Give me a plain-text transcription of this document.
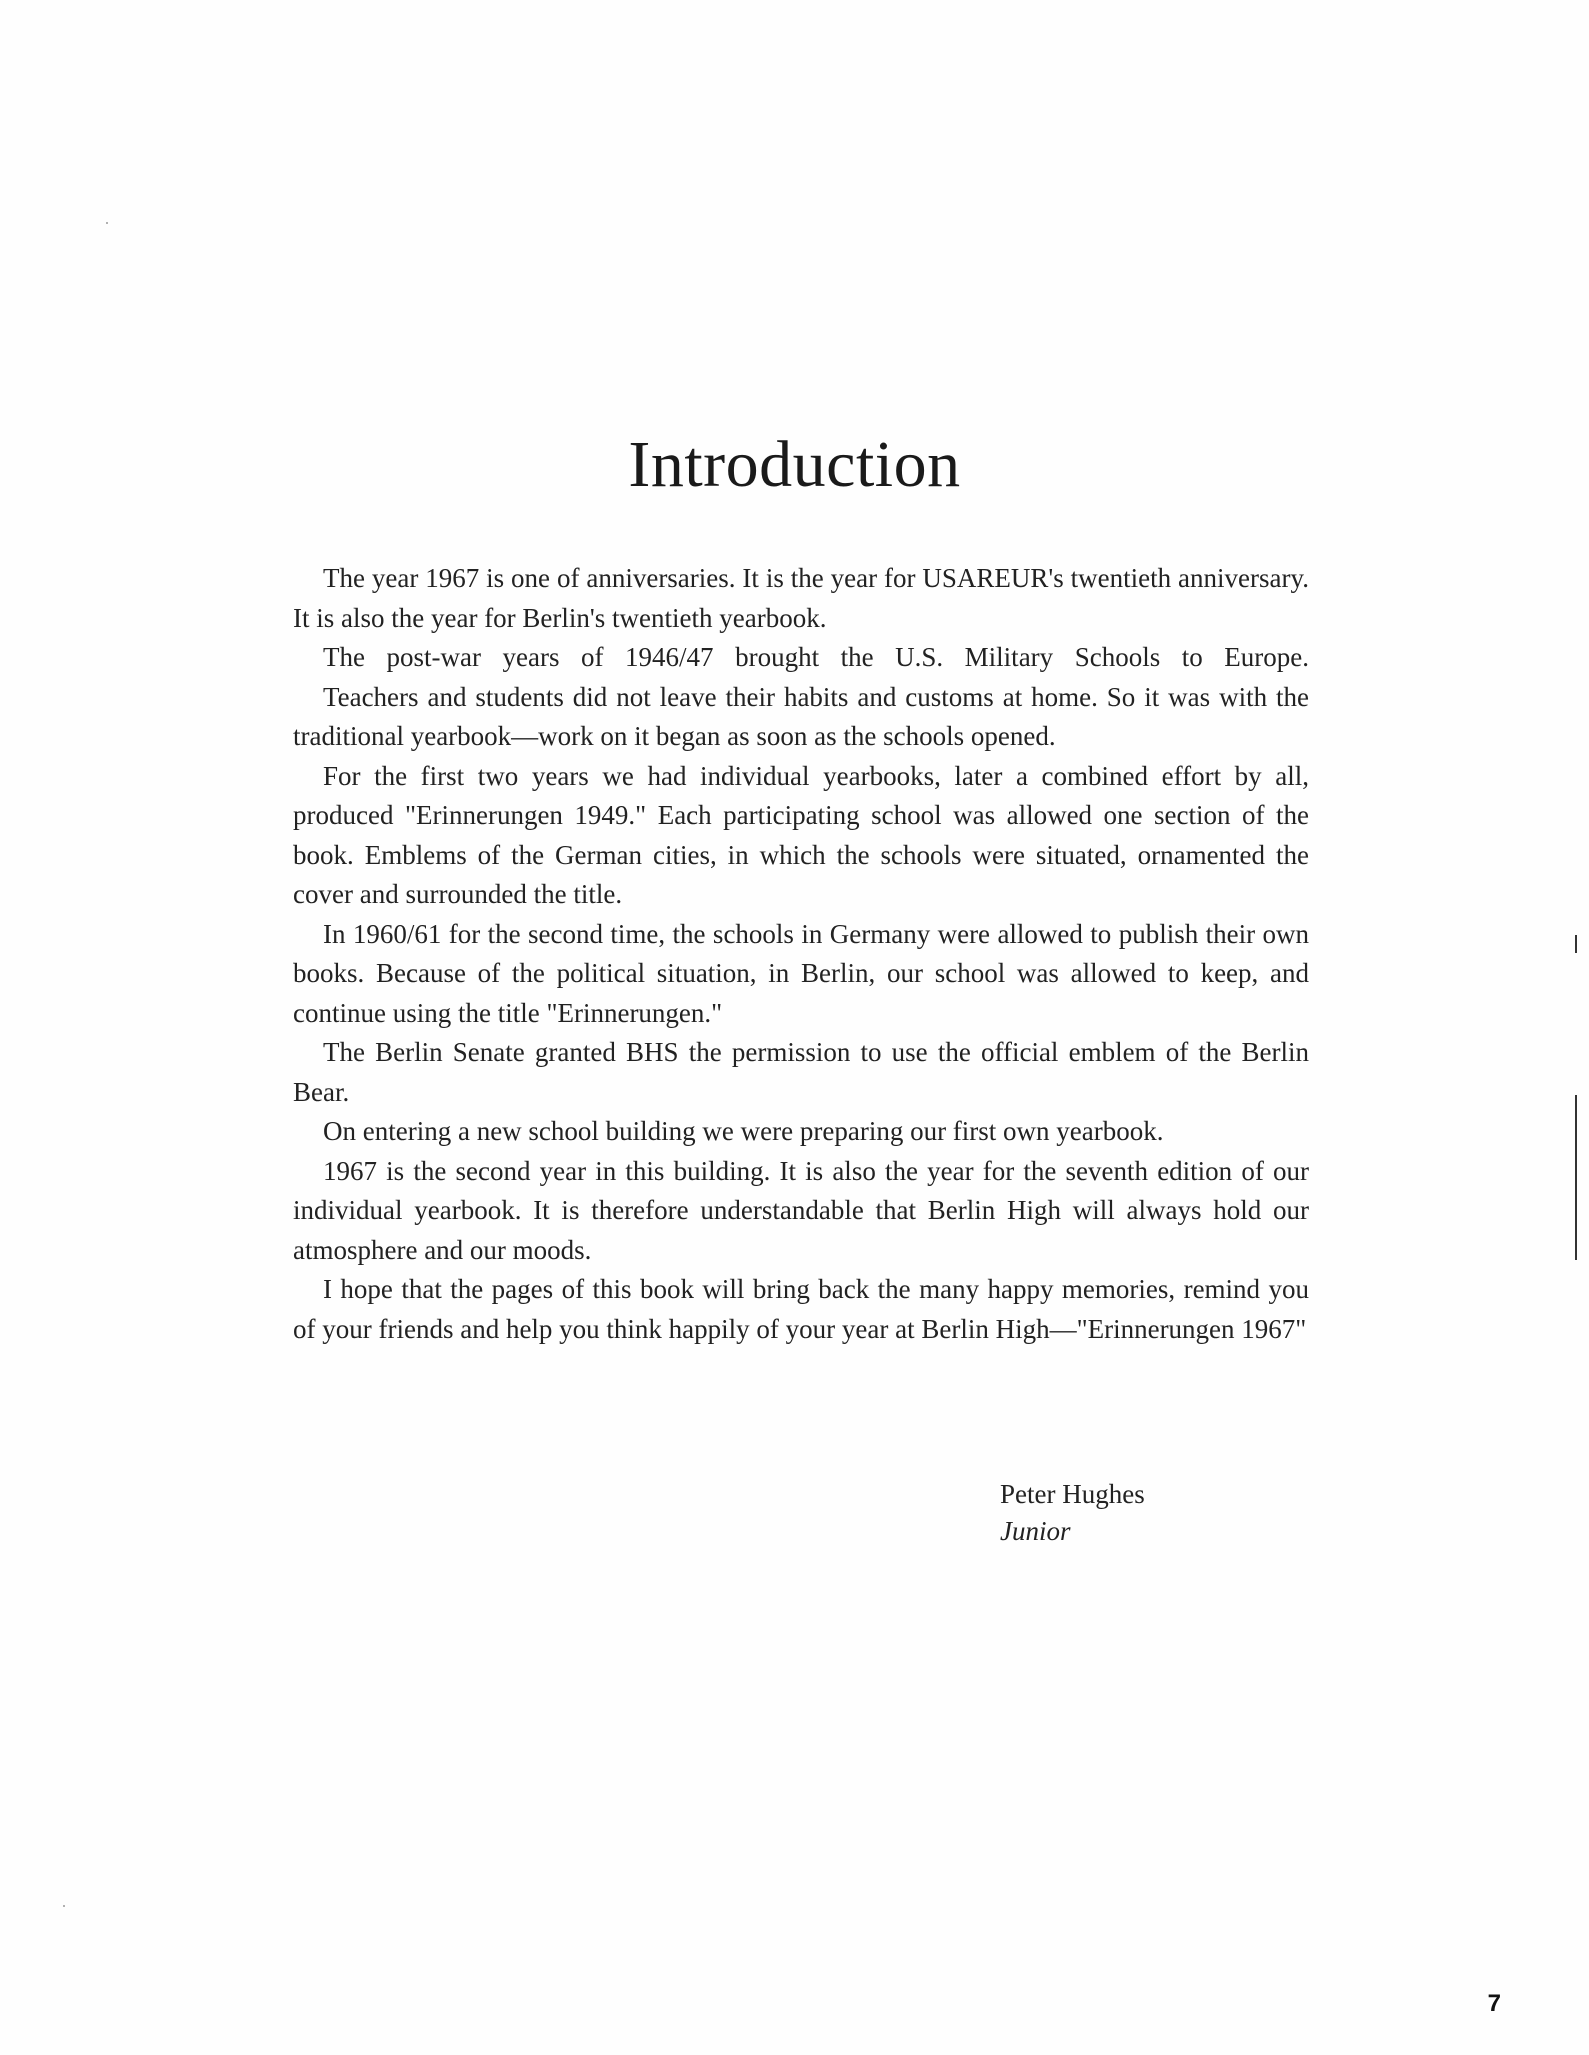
Introduction

The year 1967 is one of anniversaries. It is the year for USAREUR's twentieth anniversary. It is also the year for Berlin's twentieth yearbook.

The post-war years of 1946/47 brought the U.S. Military Schools to Europe.

Teachers and students did not leave their habits and customs at home. So it was with the traditional yearbook—work on it began as soon as the schools opened.

For the first two years we had individual yearbooks, later a combined effort by all, produced "Erinnerungen 1949." Each participating school was allowed one section of the book. Emblems of the German cities, in which the schools were situated, ornamented the cover and surrounded the title.

In 1960/61 for the second time, the schools in Germany were allowed to publish their own books. Because of the political situation, in Berlin, our school was allowed to keep, and continue using the title "Erinnerungen."

The Berlin Senate granted BHS the permission to use the official emblem of the Berlin Bear.

On entering a new school building we were preparing our first own yearbook.

1967 is the second year in this building. It is also the year for the seventh edition of our individual yearbook. It is therefore understandable that Berlin High will always hold our atmosphere and our moods.

I hope that the pages of this book will bring back the many happy memories, remind you of your friends and help you think happily of your year at Berlin High—"Erinnerungen 1967"

Peter Hughes
Junior
7
